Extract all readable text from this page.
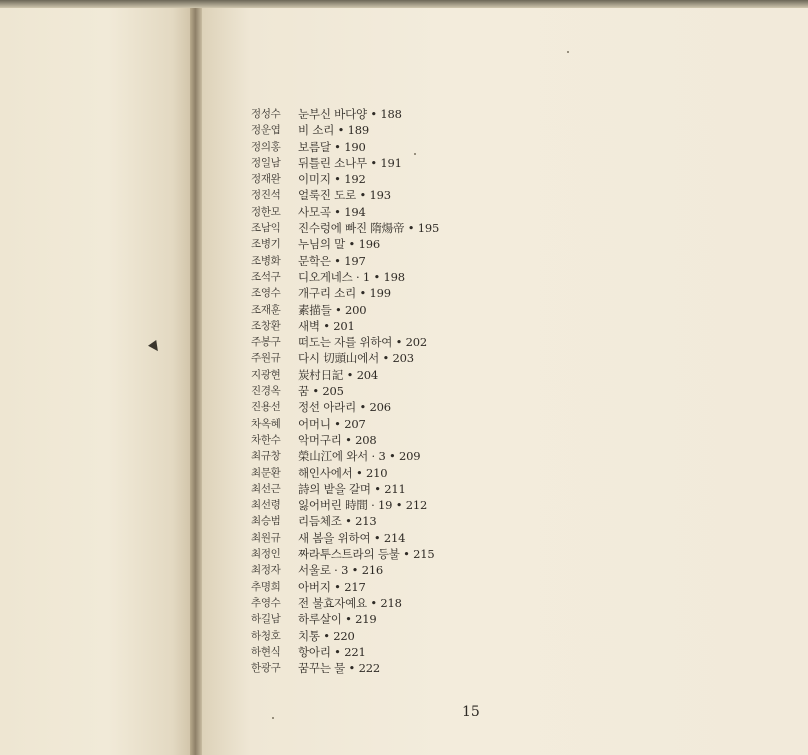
정성수	눈부신 바다양 • 188
정운엽	비 소리 • 189
정의홍	보름달 • 190
정일남	뒤틀린 소나무 • 191
정재완	이미지 • 192
정진석	얼룩진 도로 • 193
정한모	사모곡 • 194
조남익	진수렁에 빠진 隋煬帝 • 195
조병기	누님의 말 • 196
조병화	문학은 • 197
조석구	디오게네스 · 1 • 198
조영수	개구리 소리 • 199
조재훈	素描들 • 200
조창환	새벽 • 201
주봉구	떠도는 자를 위하여 • 202
주원규	다시 切頭山에서 • 203
지광현	炭村日記 • 204
진경옥	꿈 • 205
진용선	정선 아라리 • 206
차옥혜	어머니 • 207
차한수	악머구리 • 208
최규창	榮山江에 와서 · 3 • 209
최문환	해인사에서 • 210
최선근	詩의 밭을 갈며 • 211
최선령	잃어버린 時間 · 19 • 212
최승범	리듬체조 • 213
최원규	새 봄을 위하여 • 214
최정인	짜라투스트라의 등불 • 215
최정자	서울로 · 3 • 216
추명희	아버지 • 217
추영수	전 불효자예요 • 218
하길남	하루살이 • 219
하청호	치통 • 220
하현식	항아리 • 221
한광구	꿈꾸는 물 • 222
15
